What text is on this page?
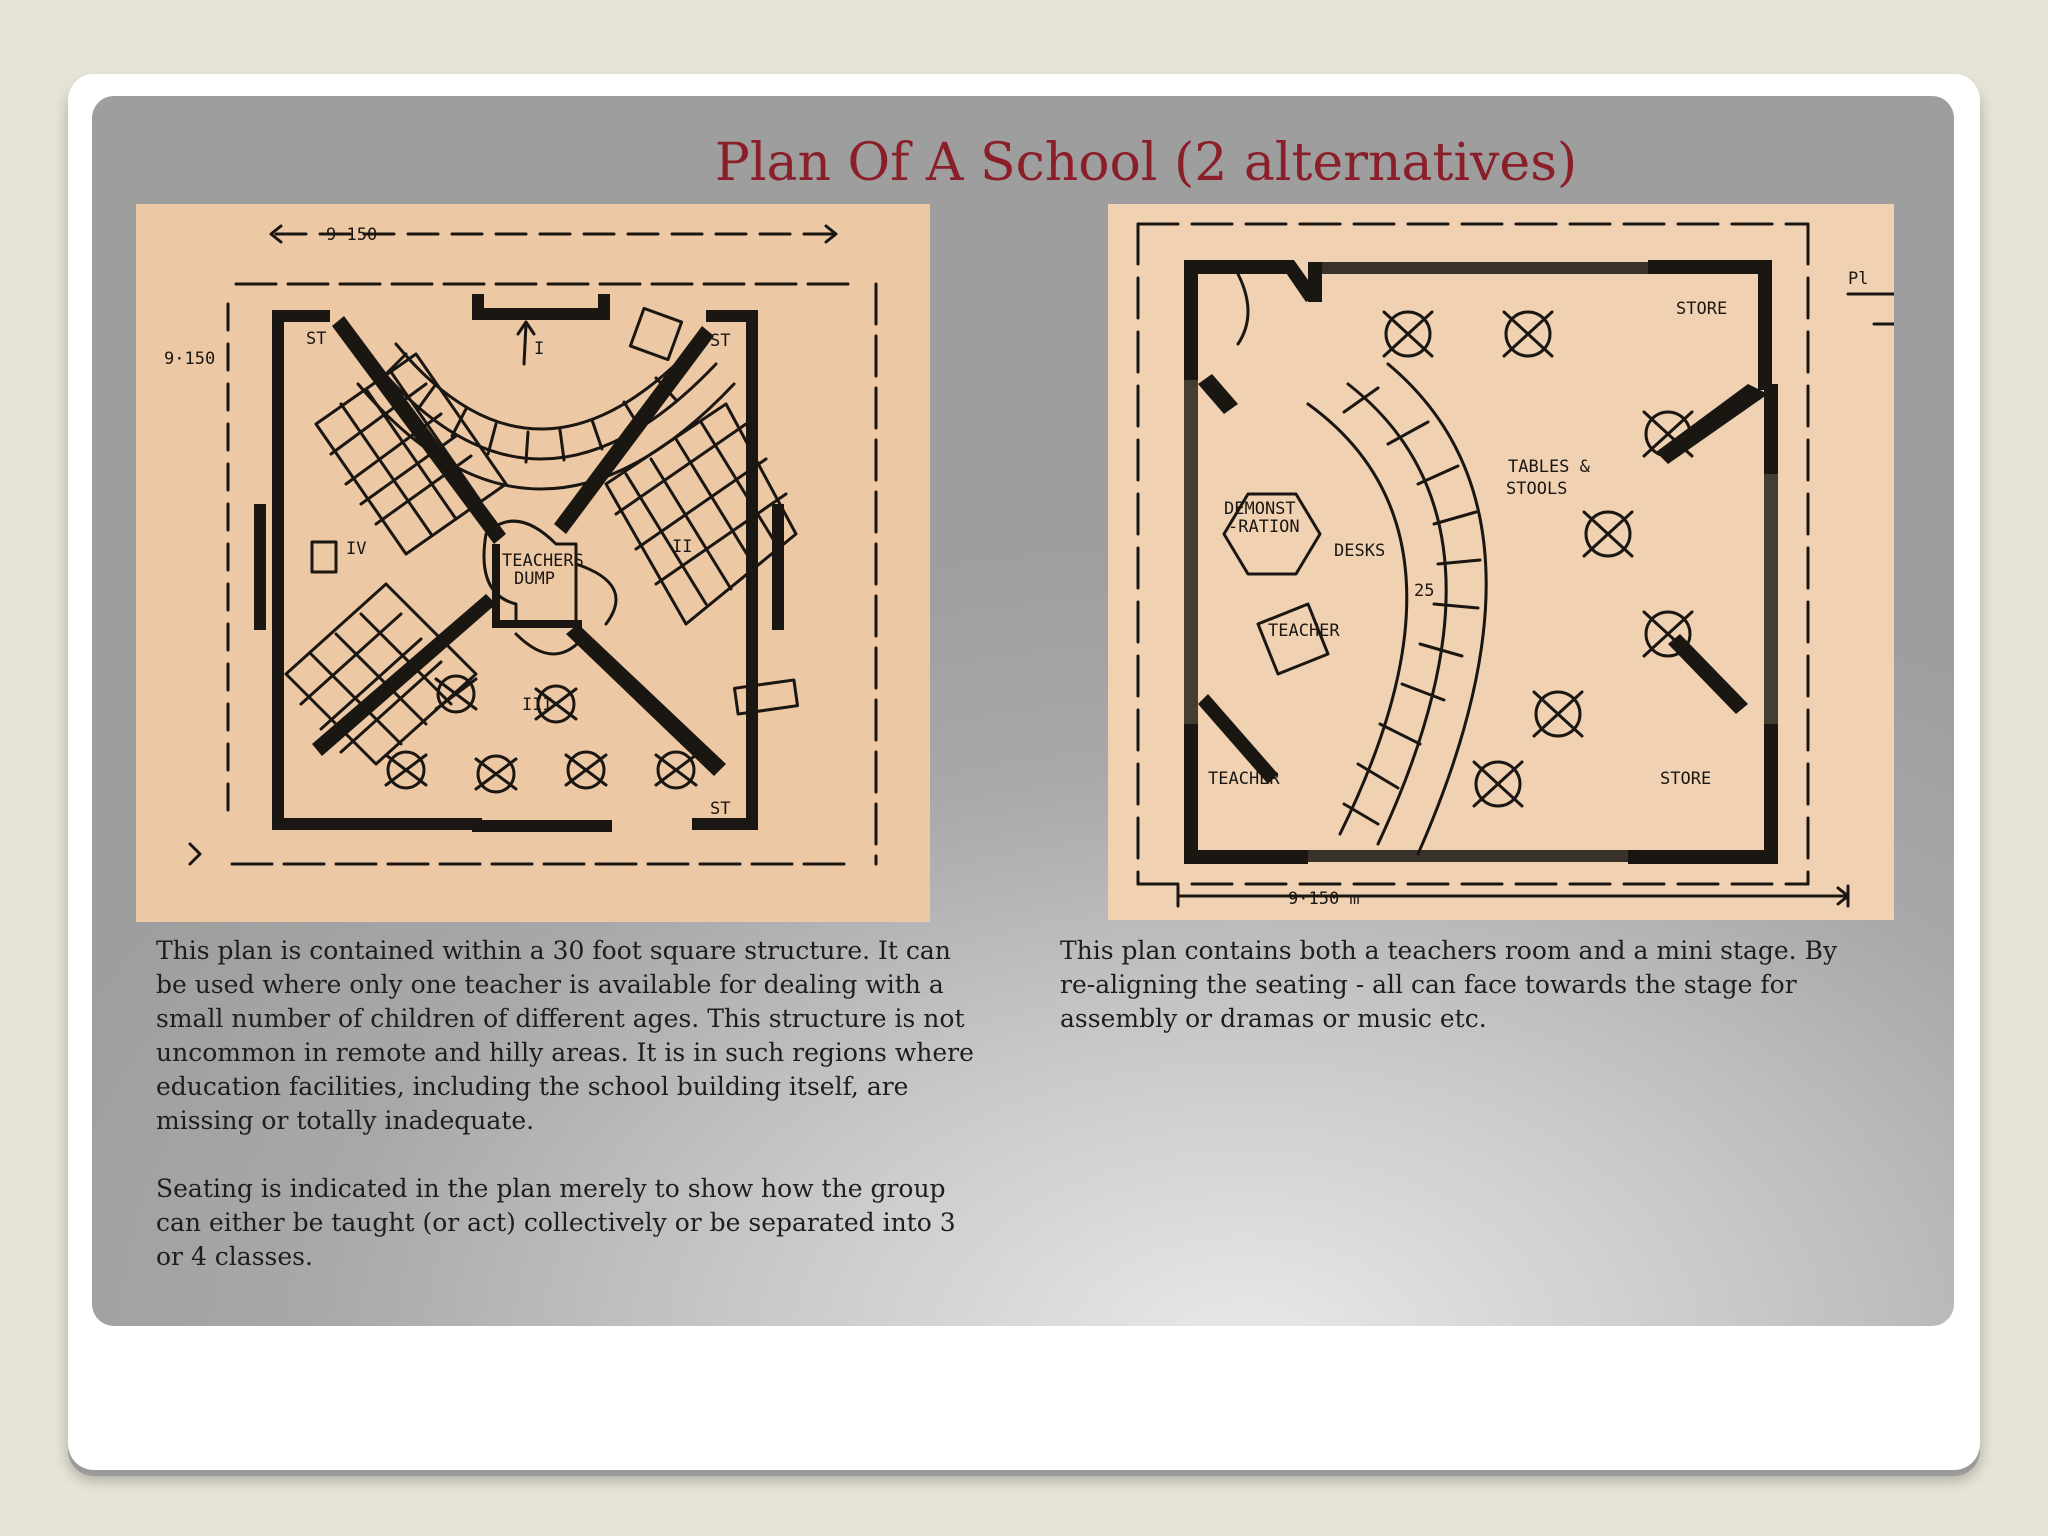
Plan Of A School (2 alternatives)
9·150
9·150	I
III
TEACHERS
DUMP
II
IV
ST	ST
ST
9·150 m
Pl
DESKS
25
DEMONST
-RATION
TEACHER
TABLES &
STOOLS
STORE
STORE
TEACHER

This plan is contained within a 30 foot square structure. It can be used where only one teacher is available for dealing with a small number of children of different ages. This structure is not uncommon in remote and hilly areas. It is in such regions where education facilities, including the school building itself, are missing or totally inadequate.

Seating is indicated in the plan merely to show how the group can either be taught (or act) collectively or be separated into 3 or 4 classes.

This plan contains both a teachers room and a mini stage. By re-aligning the seating - all can face towards the stage for assembly or dramas or music etc.
